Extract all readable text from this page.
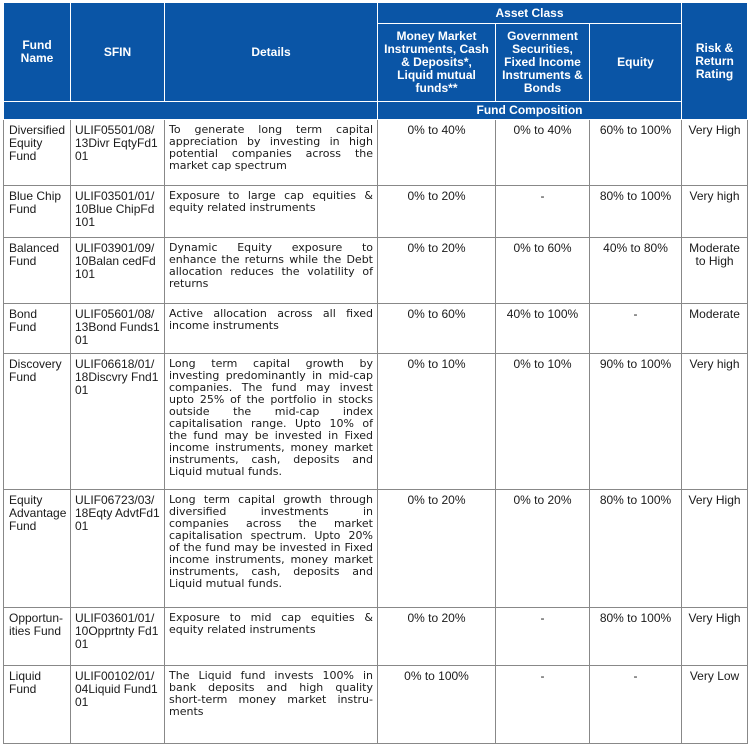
Fund Name	SFIN	Details	Asset Class			Risk & Return Rating
			Money Market Instruments, Cash & Deposits*, Liquid mutual funds**	Government Securities, Fixed Income Instruments & Bonds	Equity	
			Fund Composition			
Diversified Equity Fund	ULIF05501/08/13Divr EqtyFd101	To generate long term capital appreciation by investing in high potential companies across the market cap spectrum	0% to 40%	0% to 40%	60% to 100%	Very High
Blue Chip Fund	ULIF03501/01/10Blue ChipFd101	Exposure to large cap equities & equity related instruments	0% to 20%	-	80% to 100%	Very high
Balanced Fund	ULIF03901/09/10Balan cedFd101	Dynamic Equity exposure to enhance the returns while the Debt allocation reduces the volatility of returns	0% to 20%	0% to 60%	40% to 80%	Moderate to High
Bond Fund	ULIF05601/08/13Bond Funds101	Active allocation across all fixed income instruments	0% to 60%	40% to 100%	-	Moderate
Discovery Fund	ULIF06618/01/18Discvry Fnd101	Long term capital growth by investing predominantly in mid-cap companies. The fund may invest upto 25% of the portfolio in stocks outside the mid-cap index capitalisation range. Upto 10% of the fund may be invested in Fixed income instruments, money market instruments, cash, deposits and Liquid mutual funds.	0% to 10%	0% to 10%	90% to 100%	Very high
Equity Advantage Fund	ULIF06723/03/18Eqty AdvtFd101	Long term capital growth through diversified investments in companies across the market capitalisation spectrum. Upto 20% of the fund may be invested in Fixed income instruments, money market instruments, cash, deposits and Liquid mutual funds.	0% to 20%	0% to 20%	80% to 100%	Very High
Opportun-ities Fund	ULIF03601/01/10Opprtnty Fd101	Exposure to mid cap equities & equity related instruments	0% to 20%	-	80% to 100%	Very High
Liquid Fund	ULIF00102/01/04Liquid Fund101	The Liquid fund invests 100% in bank deposits and high quality short-term money market instru-ments	0% to 100%	-	-	Very Low
